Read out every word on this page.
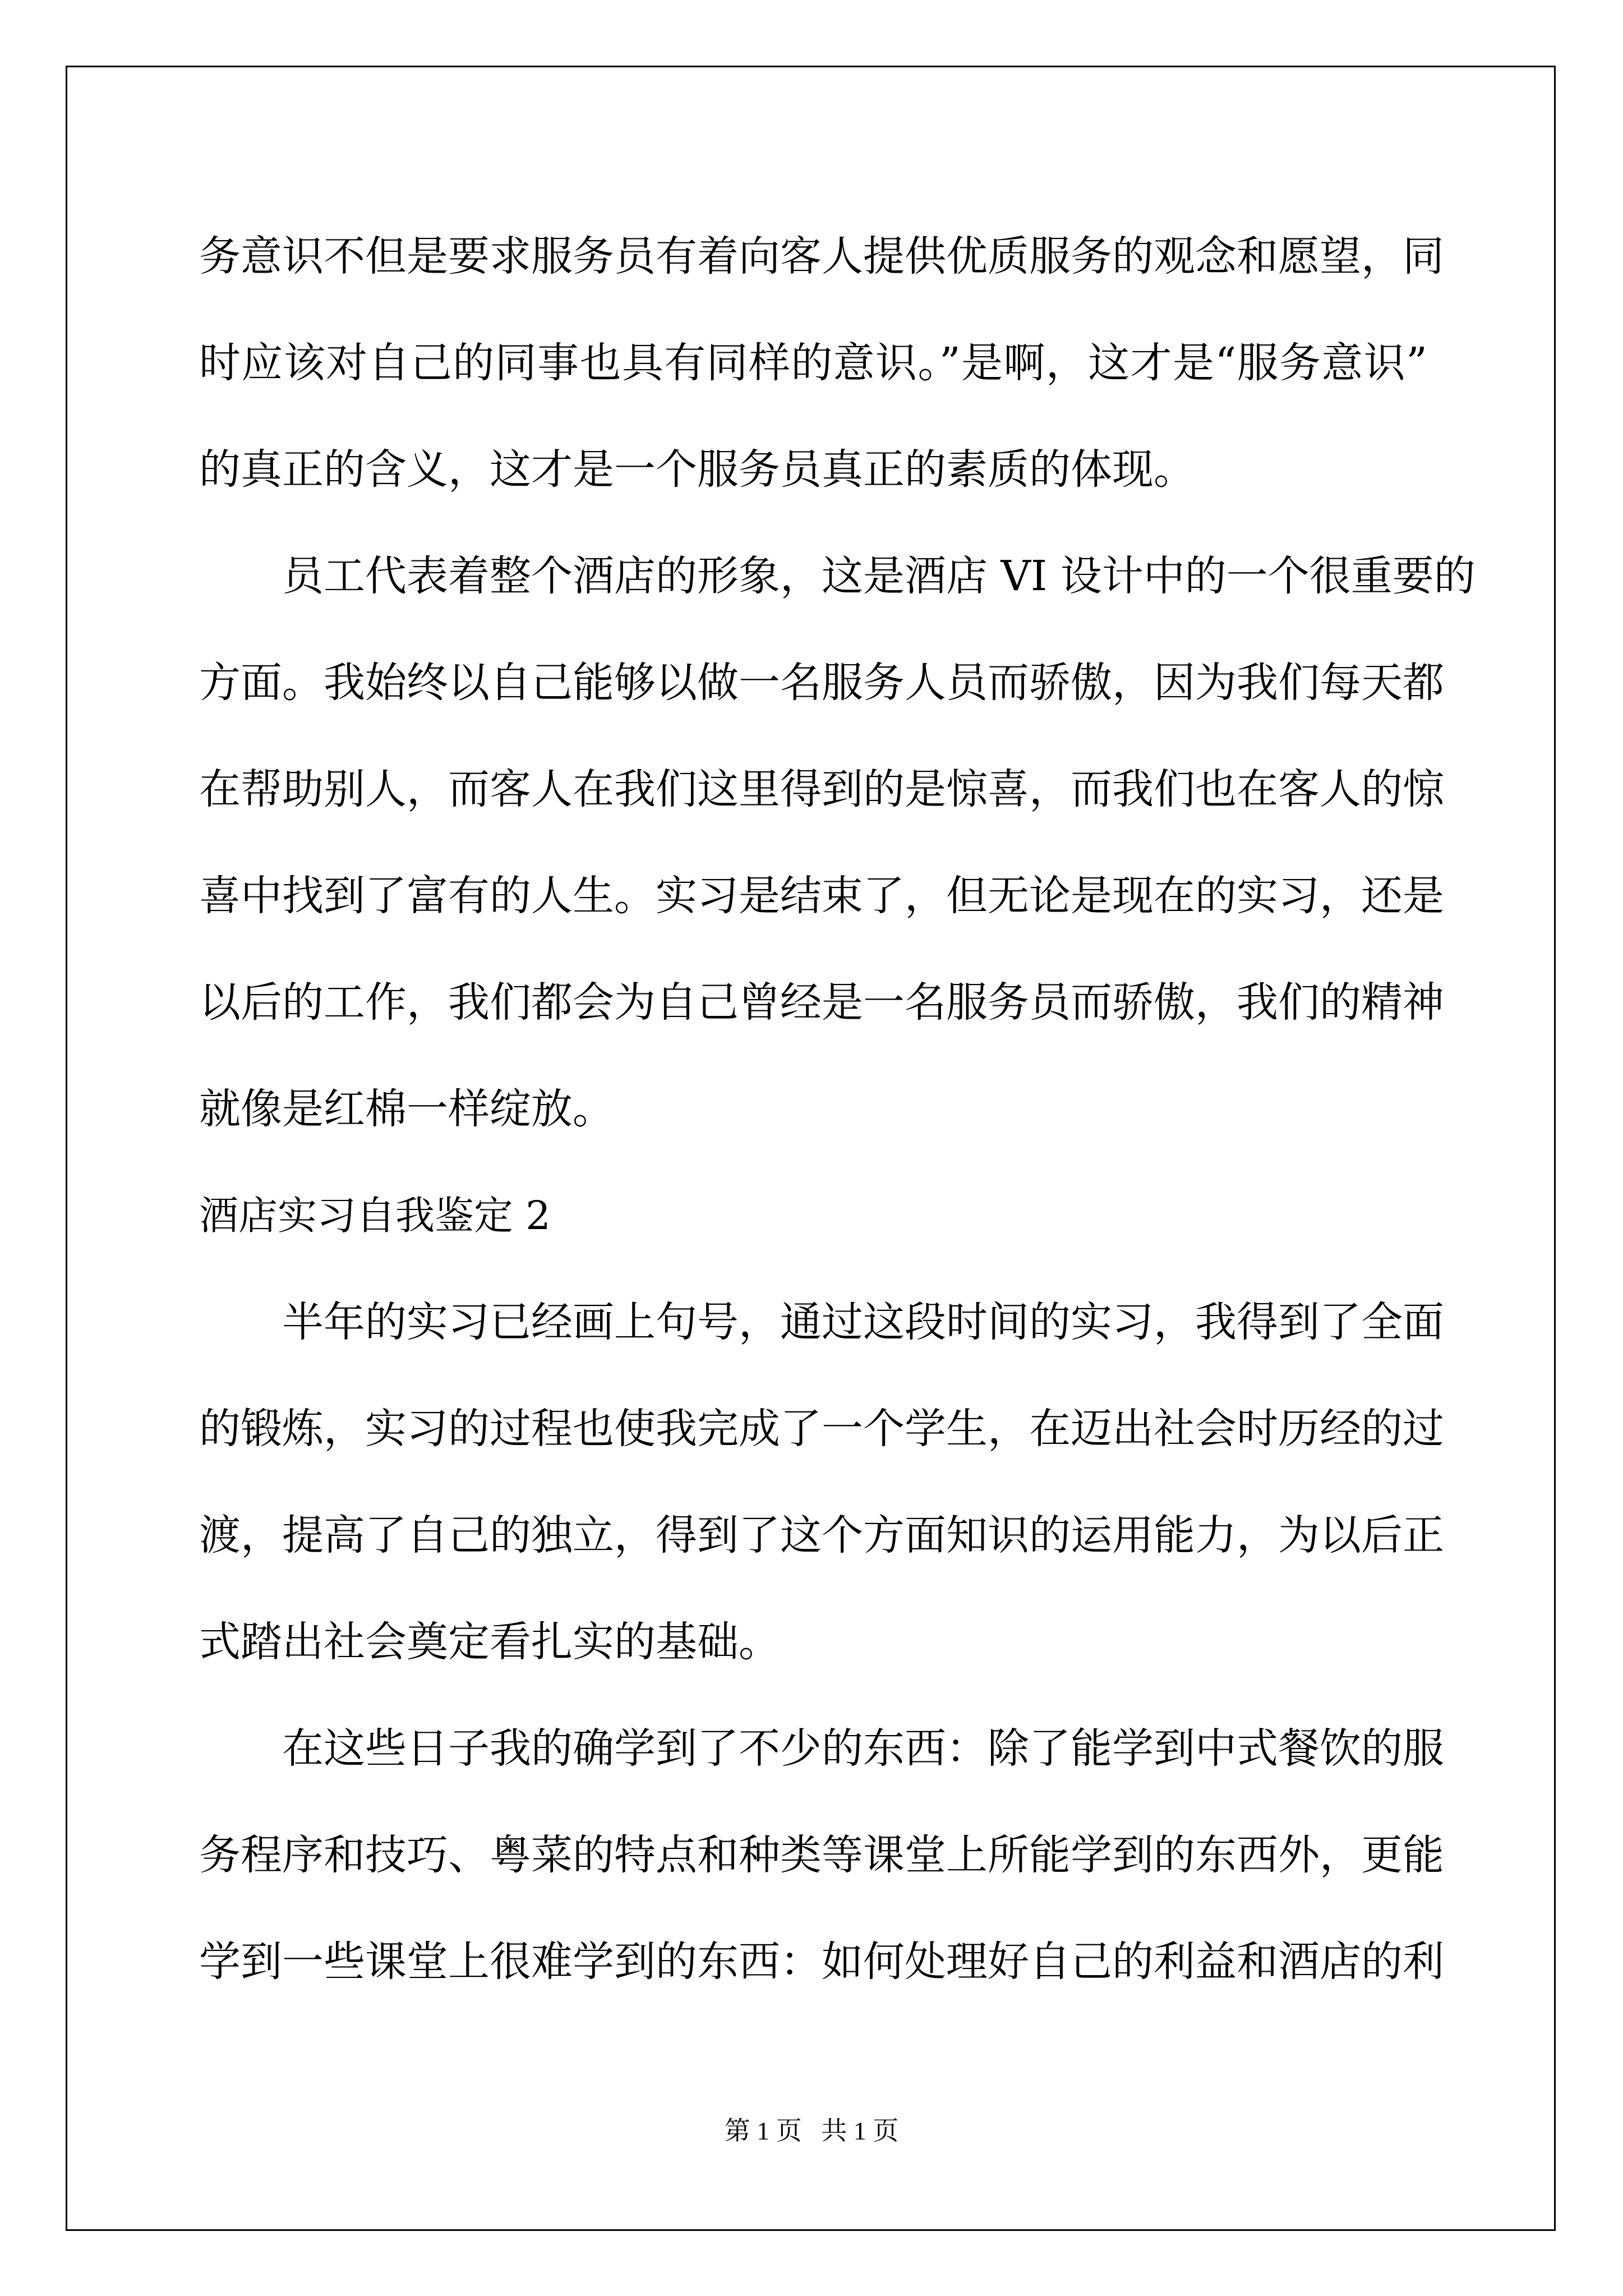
务意识不但是要求服务员有着向客人提供优质服务的观念和愿望，同
时应该对自己的同事也具有同样的意识。”是啊，这才是“服务意识”
的真正的含义，这才是一个服务员真正的素质的体现。
员工代表着整个酒店的形象，这是酒店 VI 设计中的一个很重要的
方面。我始终以自己能够以做一名服务人员而骄傲，因为我们每天都
在帮助别人，而客人在我们这里得到的是惊喜，而我们也在客人的惊
喜中找到了富有的人生。实习是结束了，但无论是现在的实习，还是
以后的工作，我们都会为自己曾经是一名服务员而骄傲，我们的精神
就像是红棉一样绽放。
酒店实习自我鉴定 2
半年的实习已经画上句号，通过这段时间的实习，我得到了全面
的锻炼，实习的过程也使我完成了一个学生，在迈出社会时历经的过
渡，提高了自己的独立，得到了这个方面知识的运用能力，为以后正
式踏出社会奠定看扎实的基础。
在这些日子我的确学到了不少的东西：除了能学到中式餐饮的服
务程序和技巧、粤菜的特点和种类等课堂上所能学到的东西外，更能
学到一些课堂上很难学到的东西：如何处理好自己的利益和酒店的利
第 1 页   共 1 页
